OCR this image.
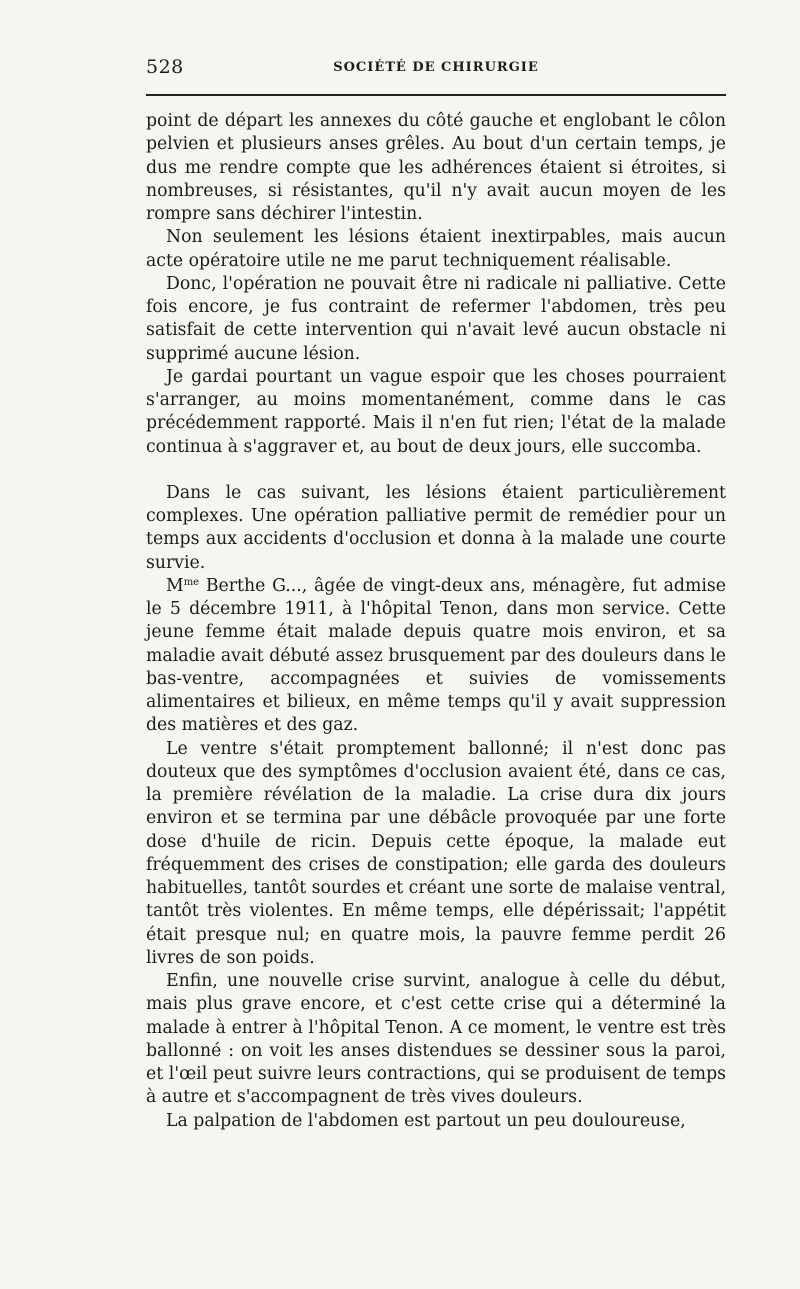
528	SOCIÉTÉ DE CHIRURGIE

point de départ les annexes du côté gauche et englobant le côlon pelvien et plusieurs anses grêles. Au bout d'un certain temps, je dus me rendre compte que les adhérences étaient si étroites, si nombreuses, si résistantes, qu'il n'y avait aucun moyen de les rompre sans déchirer l'intestin.

Non seulement les lésions étaient inextirpables, mais aucun acte opératoire utile ne me parut techniquement réalisable.

Donc, l'opération ne pouvait être ni radicale ni palliative. Cette fois encore, je fus contraint de refermer l'abdomen, très peu satisfait de cette intervention qui n'avait levé aucun obstacle ni supprimé aucune lésion.

Je gardai pourtant un vague espoir que les choses pourraient s'arranger, au moins momentanément, comme dans le cas précédemment rapporté. Mais il n'en fut rien; l'état de la malade continua à s'aggraver et, au bout de deux jours, elle succomba.

Dans le cas suivant, les lésions étaient particulièrement complexes. Une opération palliative permit de remédier pour un temps aux accidents d'occlusion et donna à la malade une courte survie.

$M^{me}$ Berthe G..., âgée de vingt-deux ans, ménagère, fut admise le 5 décembre 1911, à l'hôpital Tenon, dans mon service. Cette jeune femme était malade depuis quatre mois environ, et sa maladie avait débuté assez brusquement par des douleurs dans le bas-ventre, accompagnées et suivies de vomissements alimentaires et bilieux, en même temps qu'il y avait suppression des matières et des gaz.

Le ventre s'était promptement ballonné; il n'est donc pas douteux que des symptômes d'occlusion avaient été, dans ce cas, la première révélation de la maladie. La crise dura dix jours environ et se termina par une débâcle provoquée par une forte dose d'huile de ricin. Depuis cette époque, la malade eut fréquemment des crises de constipation; elle garda des douleurs habituelles, tantôt sourdes et créant une sorte de malaise ventral, tantôt très violentes. En même temps, elle dépérissait; l'appétit était presque nul; en quatre mois, la pauvre femme perdit 26 livres de son poids.

Enfin, une nouvelle crise survint, analogue à celle du début, mais plus grave encore, et c'est cette crise qui a déterminé la malade à entrer à l'hôpital Tenon. A ce moment, le ventre est très ballonné : on voit les anses distendues se dessiner sous la paroi, et l'œil peut suivre leurs contractions, qui se produisent de temps à autre et s'accompagnent de très vives douleurs.

La palpation de l'abdomen est partout un peu douloureuse,
